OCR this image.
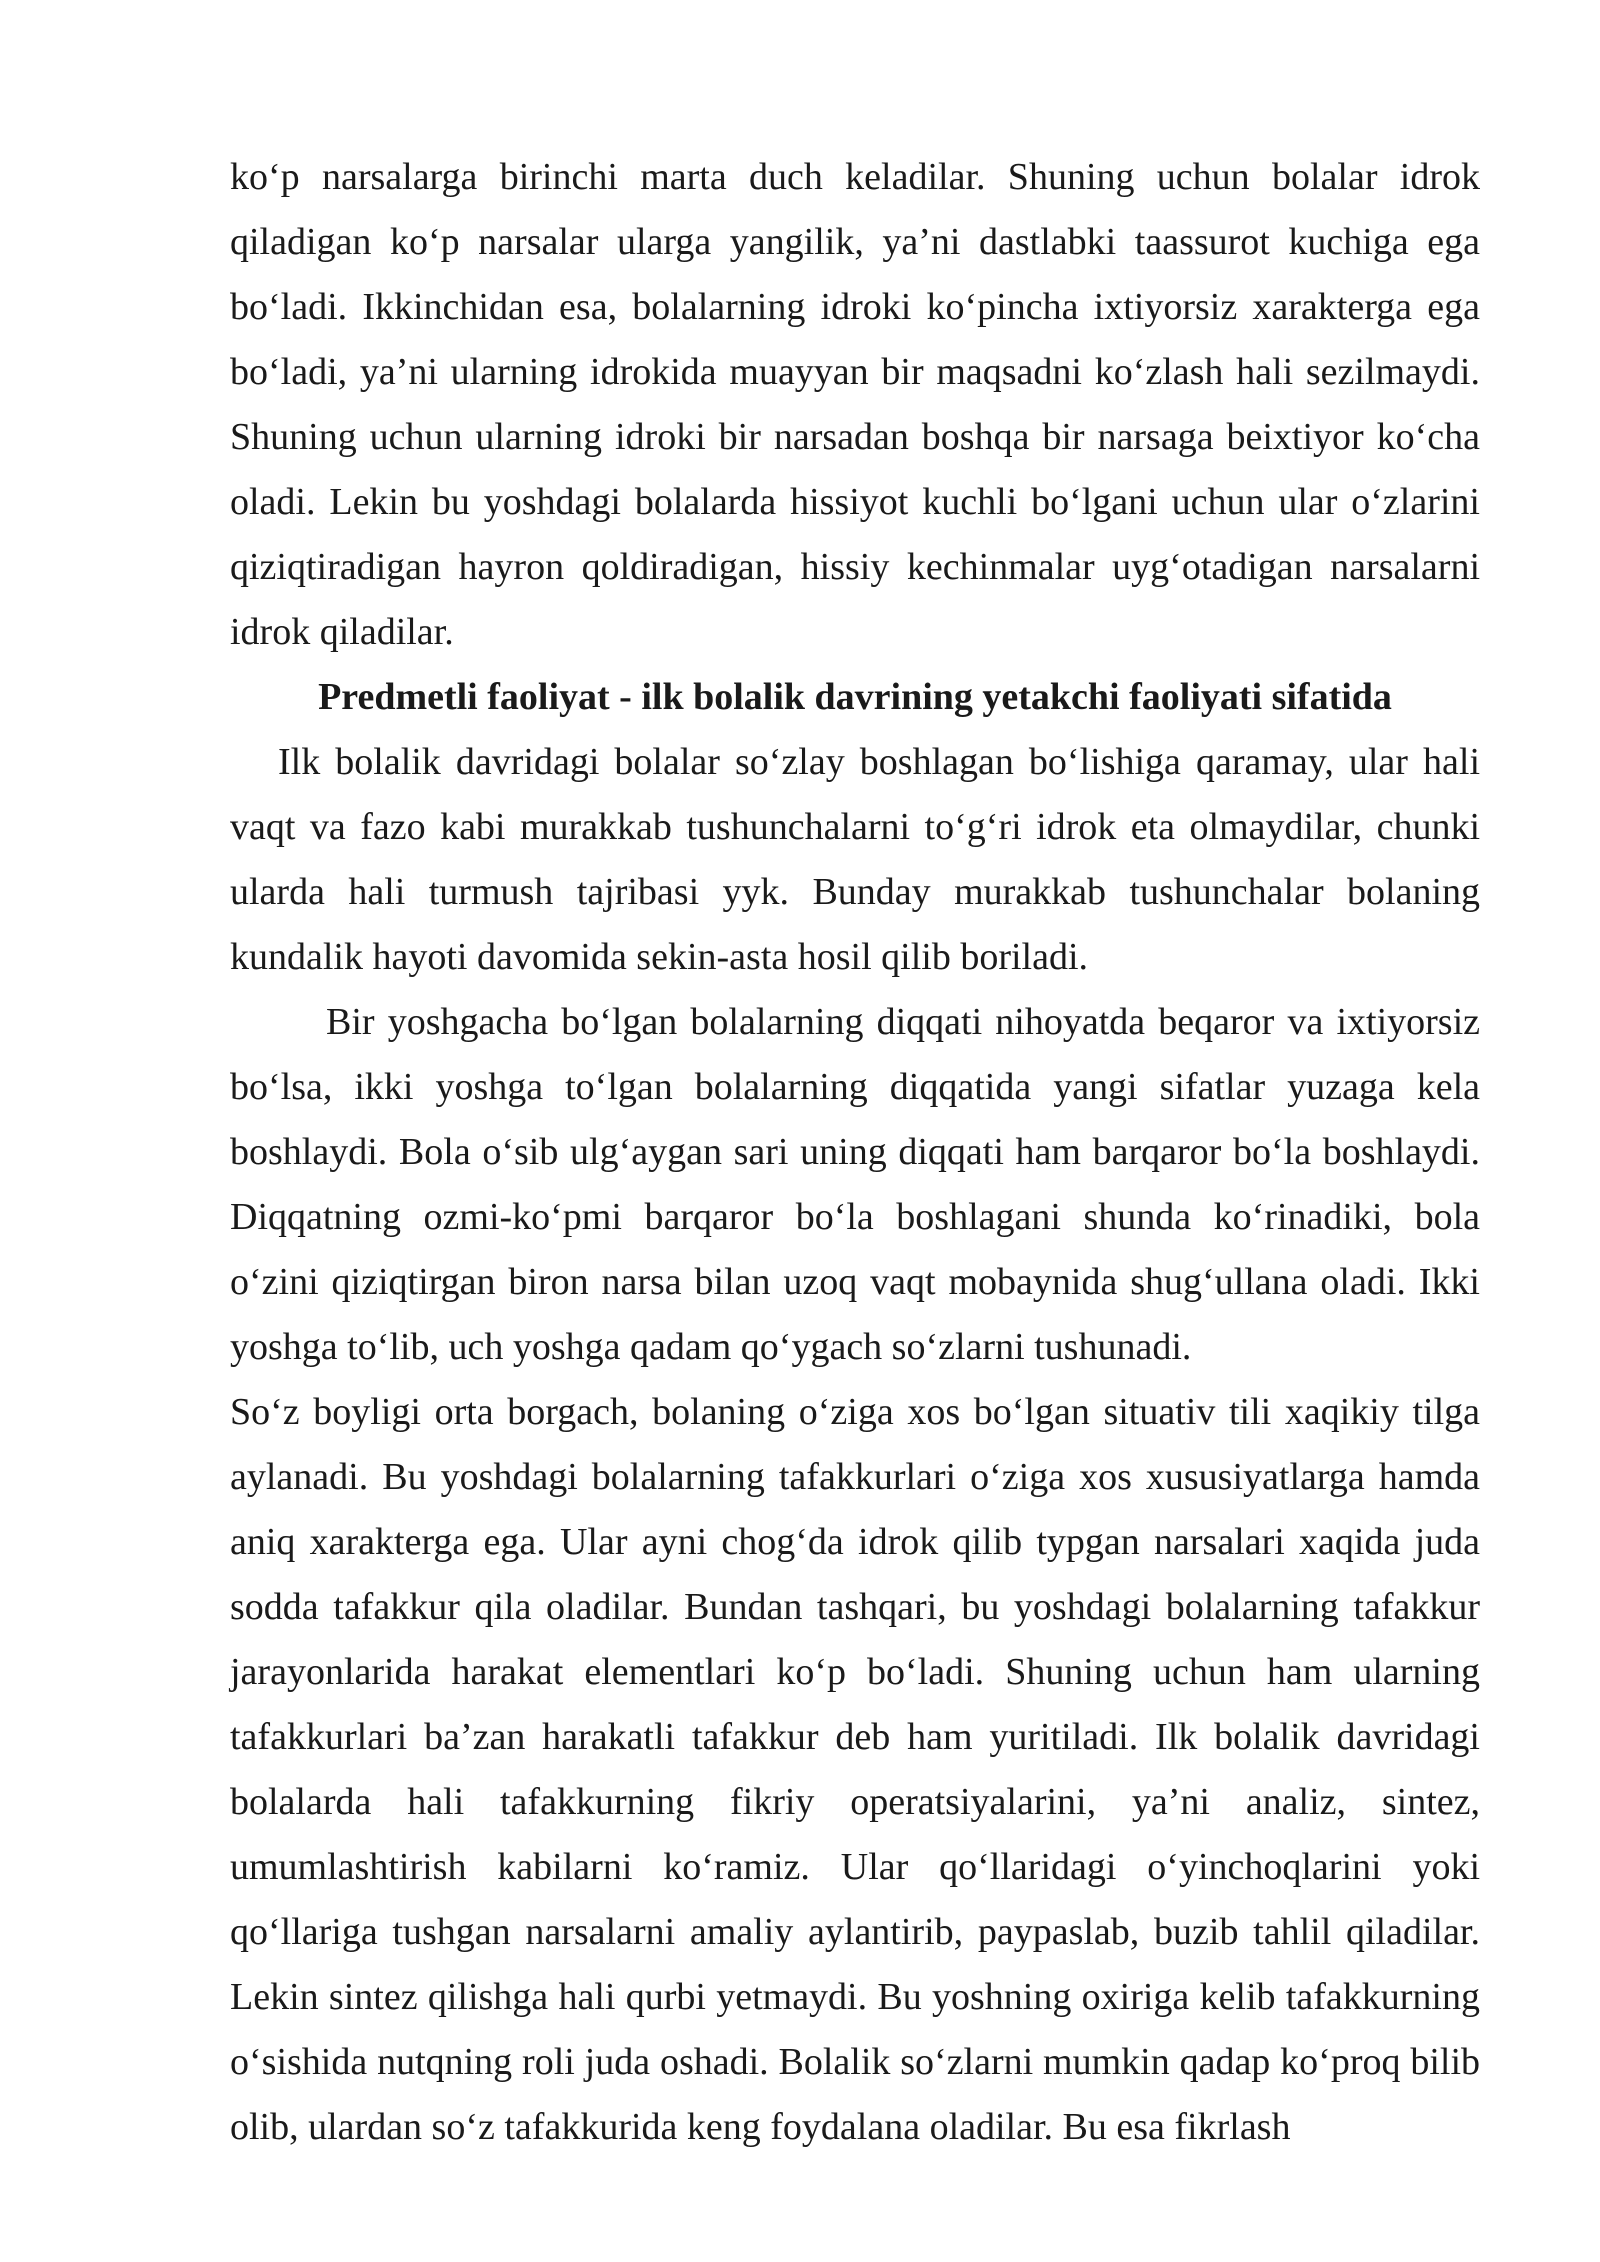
ko‘p narsalarga birinchi marta duch keladilar. Shuning uchun bolalar idrok qiladigan ko‘p narsalar ularga yangilik, ya’ni dastlabki taassurot kuchiga ega bo‘ladi. Ikkinchidan esa, bolalarning idroki ko‘pincha ixtiyorsiz xarakterga ega bo‘ladi, ya’ni ularning idrokida muayyan bir maqsadni ko‘zlash hali sezilmaydi. Shuning uchun ularning idroki bir narsadan boshqa bir narsaga beixtiyor ko‘cha oladi. Lekin bu yoshdagi bolalarda hissiyot kuchli bo‘lgani uchun ular o‘zlarini qiziqtiradigan hayron qoldiradigan, hissiy kechinmalar uyg‘otadigan narsalarni idrok qiladilar.

Predmetli faoliyat - ilk bolalik davrining yetakchi faoliyati sifatida

Ilk bolalik davridagi bolalar so‘zlay boshlagan bo‘lishiga qaramay, ular hali vaqt va fazo kabi murakkab tushunchalarni to‘g‘ri idrok eta olmaydilar, chunki ularda hali turmush tajribasi yyk. Bunday murakkab tushunchalar bolaning kundalik hayoti davomida sekin-asta hosil qilib boriladi.

Bir yoshgacha bo‘lgan bolalarning diqqati nihoyatda beqaror va ixtiyorsiz bo‘lsa, ikki yoshga to‘lgan bolalarning diqqatida yangi sifatlar yuzaga kela boshlaydi. Bola o‘sib ulg‘aygan sari uning diqqati ham barqaror bo‘la boshlaydi. Diqqatning ozmi-ko‘pmi barqaror bo‘la boshlagani shunda ko‘rinadiki, bola o‘zini qiziqtirgan biron narsa bilan uzoq vaqt mobaynida shug‘ullana oladi. Ikki yoshga to‘lib, uch yoshga qadam qo‘ygach so‘zlarni tushunadi.

So‘z boyligi orta borgach, bolaning o‘ziga xos bo‘lgan situativ tili xaqikiy tilga aylanadi. Bu yoshdagi bolalarning tafakkurlari o‘ziga xos xususiyatlarga hamda aniq xarakterga ega. Ular ayni chog‘da idrok qilib typgan narsalari xaqida juda sodda tafakkur qila oladilar. Bundan tashqari, bu yoshdagi bolalarning tafakkur jarayonlarida harakat elementlari ko‘p bo‘ladi. Shuning uchun ham ularning tafakkurlari ba’zan harakatli tafakkur deb ham yuritiladi. Ilk bolalik davridagi bolalarda hali tafakkurning fikriy operatsiyalarini, ya’ni analiz, sintez, umumlashtirish kabilarni ko‘ramiz. Ular qo‘llaridagi o‘yinchoqlarini yoki qo‘llariga tushgan narsalarni amaliy aylantirib, paypaslab, buzib tahlil qiladilar. Lekin sintez qilishga hali qurbi yetmaydi. Bu yoshning oxiriga kelib tafakkurning o‘sishida nutqning roli juda oshadi. Bolalik so‘zlarni mumkin qadap ko‘proq bilib olib, ulardan so‘z tafakkurida keng foydalana oladilar. Bu esa fikrlash
